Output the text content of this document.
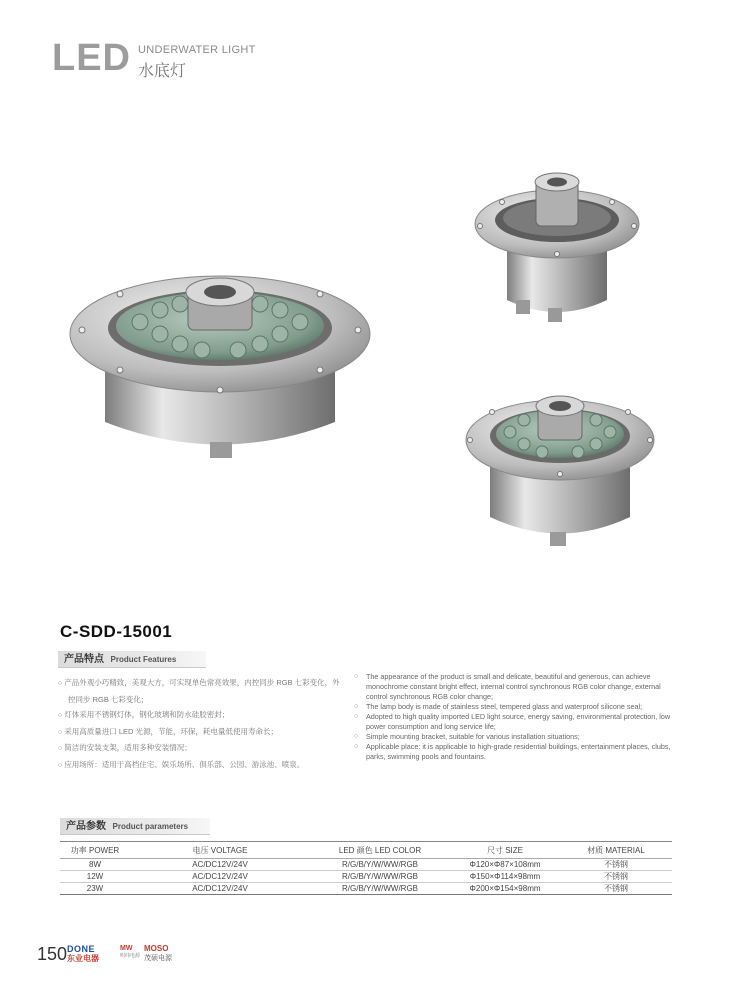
LED UNDERWATER LIGHT
水底灯
C-SDD-15001
产品特点 Product Features
○ 产品外观小巧精致，美观大方，可实现单色常亮效果，内控同步 RGB 七彩变化，外
控同步 RGB 七彩变化；
○ 灯体采用不锈钢灯体，钢化玻璃和防水硅胶密封；
○ 采用高质量进口 LED 光源，节能，环保，耗电量低使用寿命长；
○ 简洁的安装支架，适用多种安装情况；
○ 应用场所：适用于高档住宅、娱乐场所、俱乐部、公园、游泳池、喷泉。
○ The appearance of the product is small and delicate, beautiful and generous, can achieve monochrome constant bright effect, internal control synchronous RGB color change, external control synchronous RGB color change;
○ The lamp body is made of stainless steel, tempered glass and waterproof silicone seal;
○ Adopted to high quality imported LED light source, energy saving, environmental protection, low power consumption and long service life;
○ Simple mounting bracket, suitable for various installation situations;
○ Applicable place: it is applicable to high-grade residential buildings, entertainment places, clubs, parks, swimming pools and fountains.
产品参数 Product parameters
功率 POWER	电压 VOLTAGE	LED 颜色 LED COLOR	尺寸 SIZE	材质 MATERIAL
8W	AC/DC12V/24V	R/G/B/Y/W/WW/RGB	Φ120×Φ87×108mm	不锈钢
12W	AC/DC12V/24V	R/G/B/Y/W/WW/RGB	Φ150×Φ114×98mm	不锈钢
23W	AC/DC12V/24V	R/G/B/Y/W/WW/RGB	Φ200×Φ154×98mm	不锈钢
150 DONE
东业电器
MW
明纬电源
MOSO
茂硕电源
